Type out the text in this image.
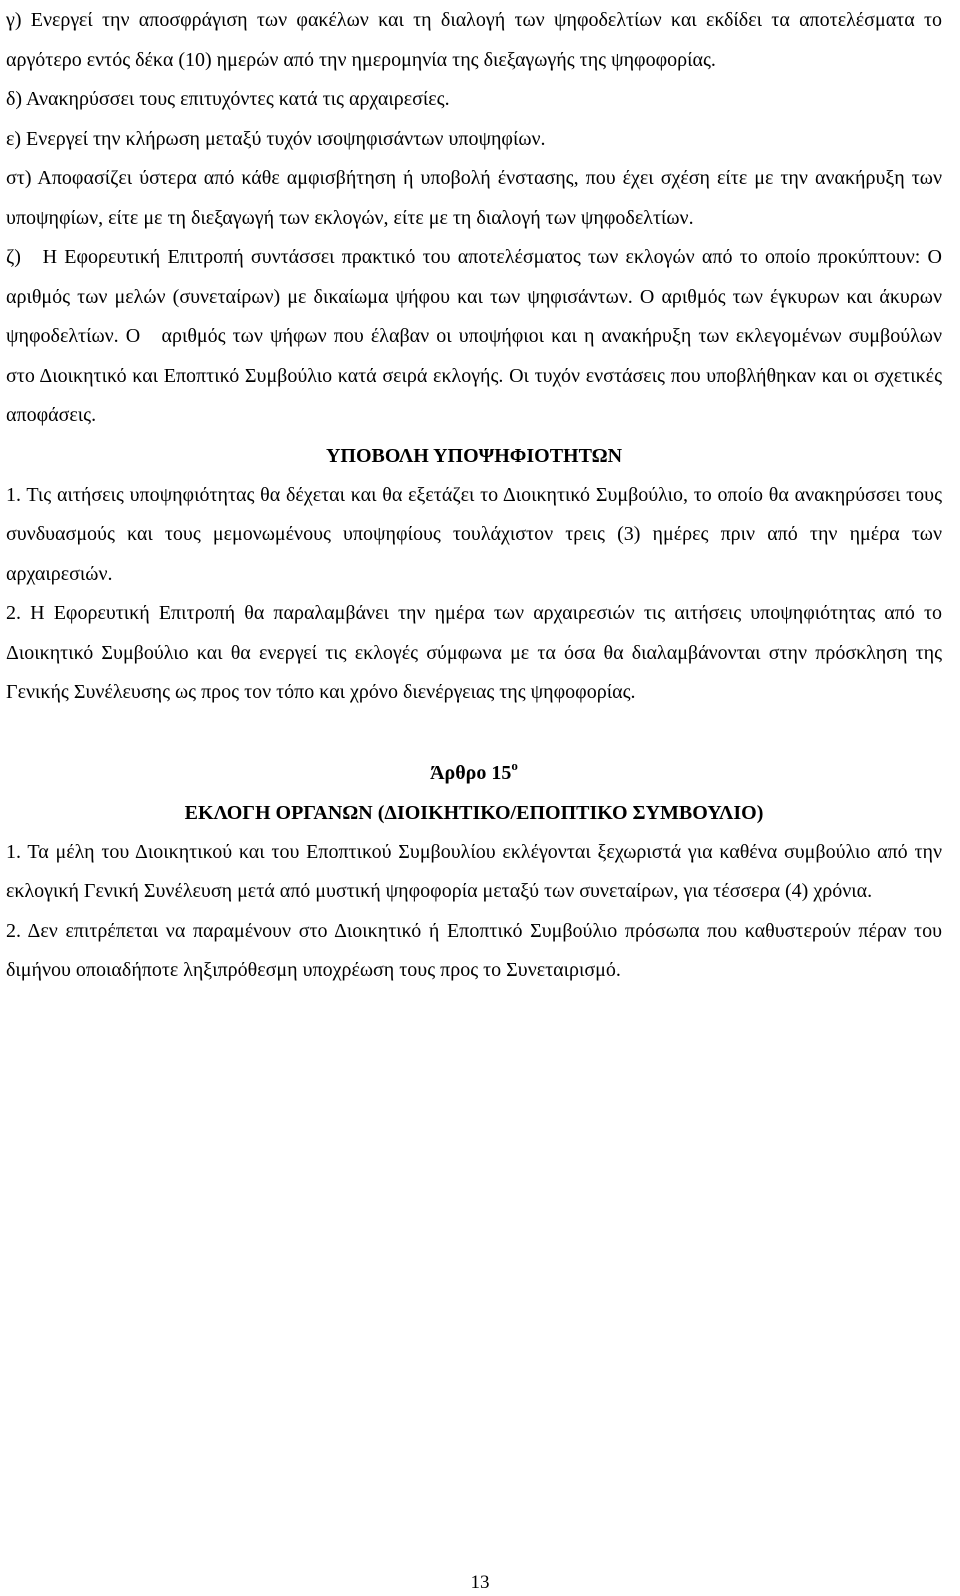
γ) Ενεργεί την αποσφράγιση των φακέλων και τη διαλογή των ψηφοδελτίων και εκδίδει τα αποτελέσματα το αργότερο εντός δέκα (10) ημερών από την ημερομηνία της διεξαγωγής της ψηφοφορίας.

δ) Ανακηρύσσει τους επιτυχόντες κατά τις αρχαιρεσίες.

ε) Ενεργεί την κλήρωση μεταξύ τυχόν ισοψηφισάντων υποψηφίων.

στ) Αποφασίζει ύστερα από κάθε αμφισβήτηση ή υποβολή ένστασης, που έχει σχέση είτε με την ανακήρυξη των υποψηφίων, είτε με τη διεξαγωγή των εκλογών, είτε με τη διαλογή των ψηφοδελτίων.

ζ)   Η Εφορευτική Επιτροπή συντάσσει πρακτικό του αποτελέσματος των εκλογών από το οποίο προκύπτουν: Ο αριθμός των μελών (συνεταίρων) με δικαίωμα ψήφου και των ψηφισάντων. Ο αριθμός των έγκυρων και άκυρων ψηφοδελτίων. Ο   αριθμός των ψήφων που έλαβαν οι υποψήφιοι και η ανακήρυξη των εκλεγομένων συμβούλων στο Διοικητικό και Εποπτικό Συμβούλιο κατά σειρά εκλογής. Οι τυχόν ενστάσεις που υποβλήθηκαν και οι σχετικές αποφάσεις.

ΥΠΟΒΟΛΗ ΥΠΟΨΗΦΙΟΤΗΤΩΝ

1. Τις αιτήσεις υποψηφιότητας θα δέχεται και θα εξετάζει το Διοικητικό Συμβούλιο, το οποίο θα ανακηρύσσει τους συνδυασμούς και τους μεμονωμένους υποψηφίους τουλάχιστον τρεις (3) ημέρες πριν από την ημέρα των αρχαιρεσιών.

2. Η Εφορευτική Επιτροπή θα παραλαμβάνει την ημέρα των αρχαιρεσιών τις αιτήσεις υποψηφιότητας από το Διοικητικό Συμβούλιο και θα ενεργεί τις εκλογές σύμφωνα με τα όσα θα διαλαμβάνονται στην πρόσκληση της Γενικής Συνέλευσης ως προς τον τόπο και χρόνο διενέργειας της ψηφοφορίας.

Άρθρο $15^o$

ΕΚΛΟΓΗ ΟΡΓΑΝΩΝ (ΔΙΟΙΚΗΤΙΚΟ/ΕΠΟΠΤΙΚΟ ΣΥΜΒΟΥΛΙΟ)

1. Τα μέλη του Διοικητικού και του Εποπτικού Συμβουλίου εκλέγονται ξεχωριστά για καθένα συμβούλιο από την εκλογική Γενική Συνέλευση μετά από μυστική ψηφοφορία μεταξύ των συνεταίρων, για τέσσερα (4) χρόνια.

2. Δεν επιτρέπεται να παραμένουν στο Διοικητικό ή Εποπτικό Συμβούλιο πρόσωπα που καθυστερούν πέραν του διμήνου οποιαδήποτε ληξιπρόθεσμη υποχρέωση τους προς το Συνεταιρισμό.

13
